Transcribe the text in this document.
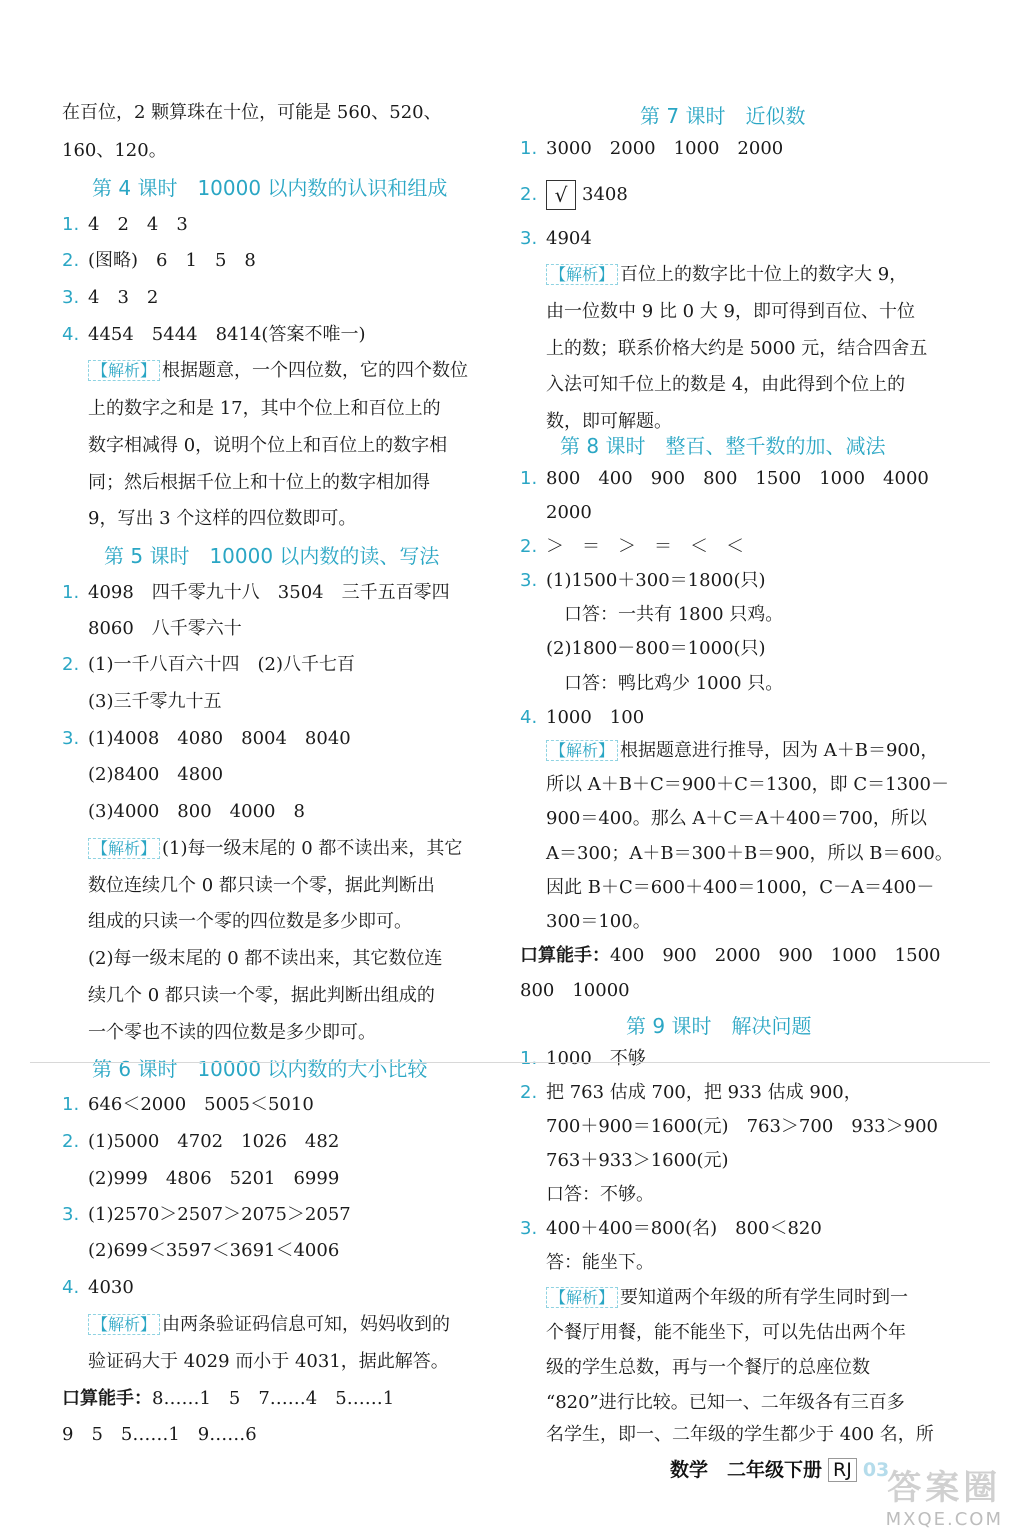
在百位，2 颗算珠在十位，可能是 560、520、
160、120。
第 4 课时　10000 以内数的认识和组成
1. 4　2　4　3
2. (图略)　6　1　5　8
3. 4　3　2
4. 4454　5444　8414(答案不唯一)
【解析】 根据题意，一个四位数，它的四个数位
上的数字之和是 17，其中个位上和百位上的
数字相减得 0，说明个位上和百位上的数字相
同；然后根据千位上和十位上的数字相加得
9，写出 3 个这样的四位数即可。
第 5 课时　10000 以内数的读、写法
1. 4098　四千零九十八　3504　三千五百零四
8060　八千零六十
2. (1)一千八百六十四　(2)八千七百
(3)三千零九十五
3. (1)4008　4080　8004　8040
(2)8400　4800
(3)4000　800　4000　8
【解析】 (1)每一级末尾的 0 都不读出来，其它
数位连续几个 0 都只读一个零，据此判断出
组成的只读一个零的四位数是多少即可。
(2)每一级末尾的 0 都不读出来，其它数位连
续几个 0 都只读一个零，据此判断出组成的
一个零也不读的四位数是多少即可。
第 6 课时　10000 以内数的大小比较
1. 646＜2000　5005＜5010
2. (1)5000　4702　1026　482
(2)999　4806　5201　6999
3. (1)2570＞2507＞2075＞2057
(2)699＜3597＜3691＜4006
4. 4030
【解析】 由两条验证码信息可知，妈妈收到的
验证码大于 4029 而小于 4031，据此解答。
口算能手：8……1　5　7……4　5……1
9　5　5……1　9……6
第 7 课时　近似数
1. 3000　2000　1000　2000
2. √ 3408
3. 4904
【解析】 百位上的数字比十位上的数字大 9，
由一位数中 9 比 0 大 9，即可得到百位、十位
上的数；联系价格大约是 5000 元，结合四舍五
入法可知千位上的数是 4，由此得到个位上的
数，即可解题。
第 8 课时　整百、整千数的加、减法
1. 800　400　900　800　1500　1000　4000
2000
2. ＞　＝　＞　＝　＜　＜
3. (1)1500＋300＝1800(只)
　口答：一共有 1800 只鸡。
(2)1800－800＝1000(只)
　口答：鸭比鸡少 1000 只。
4. 1000　100
【解析】 根据题意进行推导，因为 A＋B＝900，
所以 A＋B＋C＝900＋C＝1300，即 C＝1300－
900＝400。那么 A＋C＝A＋400＝700，所以
A＝300；A＋B＝300＋B＝900，所以 B＝600。
因此 B＋C＝600＋400＝1000，C－A＝400－
300＝100。
口算能手：400　900　2000　900　1000　1500
800　10000
第 9 课时　解决问题
1. 1000　不够
2. 把 763 估成 700，把 933 估成 900，
700＋900＝1600(元)　763＞700　933＞900
763＋933＞1600(元)
口答：不够。
3. 400＋400＝800(名)　800＜820
答：能坐下。
【解析】 要知道两个年级的所有学生同时到一
个餐厅用餐，能不能坐下，可以先估出两个年
级的学生总数，再与一个餐厅的总座位数
“820”进行比较。已知一、二年级各有三百多
名学生，即一、二年级的学生都少于 400 名，所
数学　二年级下册 RJ 03
答案圈
MXQE.COM
